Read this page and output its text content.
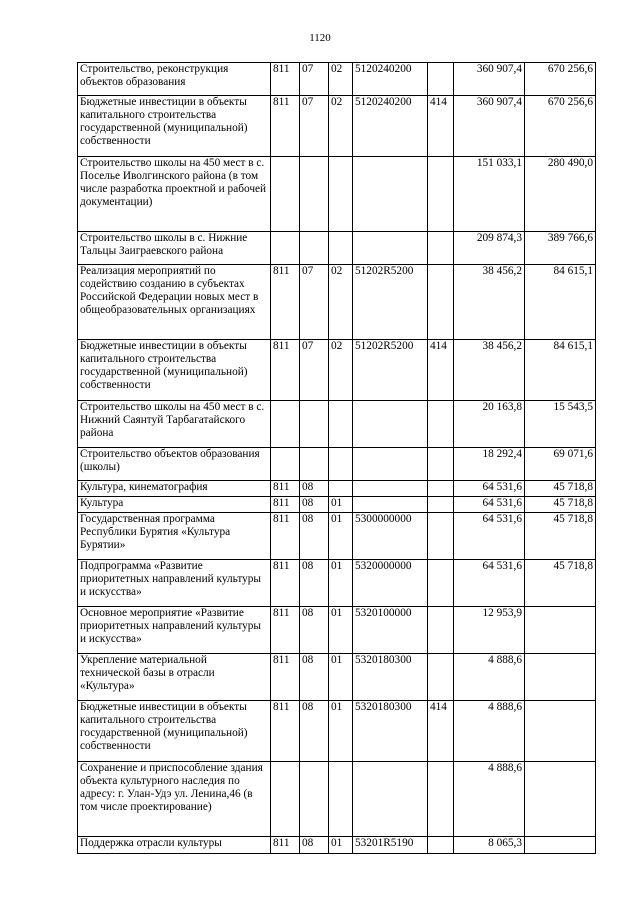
1120
Строительство, реконструкция объектов образования	811	07	02	5120240200		360 907,4	670 256,6
Бюджетные инвестиции в объекты капитального строительства государственной (муниципальной) собственности	811	07	02	5120240200	414	360 907,4	670 256,6
Строительство школы на 450 мест в с. Поселье Иволгинского района (в том числе разработка проектной и рабочей документации)						151 033,1	280 490,0
Строительство школы в с. Нижние Тальцы Заиграевского района						209 874,3	389 766,6
Реализация мероприятий по содействию созданию в субъектах Российской Федерации новых мест в общеобразовательных организациях	811	07	02	51202R5200		38 456,2	84 615,1
Бюджетные инвестиции в объекты капитального строительства государственной (муниципальной) собственности	811	07	02	51202R5200	414	38 456,2	84 615,1
Строительство школы на 450 мест в с. Нижний Саянтуй Тарбагатайского района						20 163,8	15 543,5
Строительство объектов образования (школы)						18 292,4	69 071,6
Культура, кинематография	811	08				64 531,6	45 718,8
Культура	811	08	01			64 531,6	45 718,8
Государственная программа Республики Бурятия «Культура Бурятии»	811	08	01	5300000000		64 531,6	45 718,8
Подпрограмма «Развитие приоритетных направлений культуры и искусства»	811	08	01	5320000000		64 531,6	45 718,8
Основное мероприятие «Развитие приоритетных направлений культуры и искусства»	811	08	01	5320100000		12 953,9	
Укрепление материальной технической базы в отрасли «Культура»	811	08	01	5320180300		4 888,6	
Бюджетные инвестиции в объекты капитального строительства государственной (муниципальной) собственности	811	08	01	5320180300	414	4 888,6	
Сохранение и приспособление здания объекта культурного наследия по адресу: г. Улан-Удэ ул. Ленина,46 (в том числе проектирование)						4 888,6	
Поддержка отрасли культуры	811	08	01	53201R5190		8 065,3	
